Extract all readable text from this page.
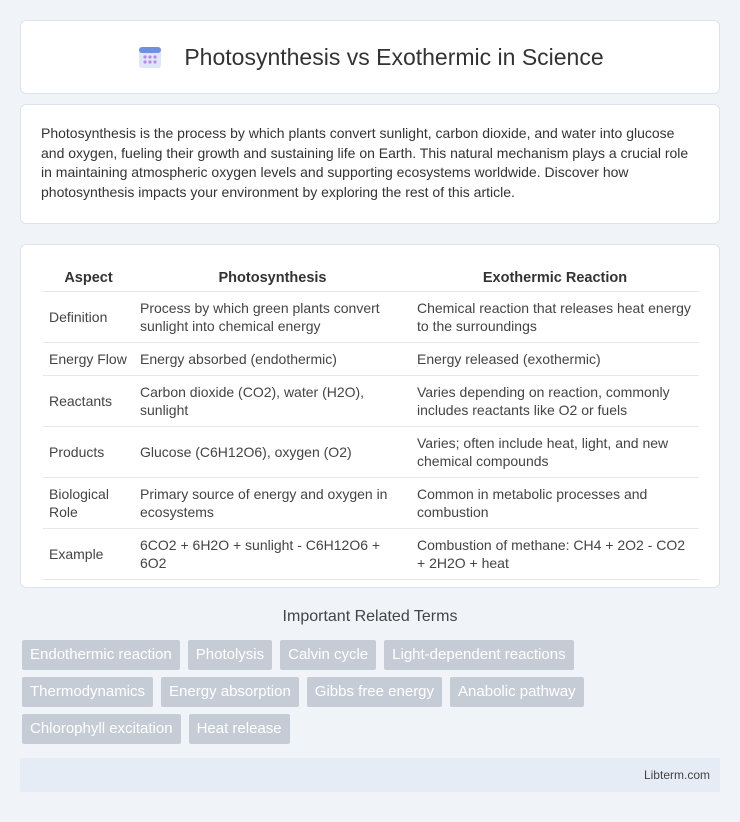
Photosynthesis vs Exothermic in Science

Photosynthesis is the process by which plants convert sunlight, carbon dioxide, and water into glucose and oxygen, fueling their growth and sustaining life on Earth. This natural mechanism plays a crucial role in maintaining atmospheric oxygen levels and supporting ecosystems worldwide. Discover how photosynthesis impacts your environment by exploring the rest of this article.

Aspect	Photosynthesis	Exothermic Reaction
Definition	Process by which green plants convert sunlight into chemical energy	Chemical reaction that releases heat energy to the surroundings
Energy Flow	Energy absorbed (endothermic)	Energy released (exothermic)
Reactants	Carbon dioxide (CO2), water (H2O), sunlight	Varies depending on reaction, commonly includes reactants like O2 or fuels
Products	Glucose (C6H12O6), oxygen (O2)	Varies; often include heat, light, and new chemical compounds
Biological Role	Primary source of energy and oxygen in ecosystems	Common in metabolic processes and combustion
Example	6CO2 + 6H2O + sunlight - C6H12O6 + 6O2	Combustion of methane: CH4 + 2O2 - CO2 + 2H2O + heat
Important Related Terms
Endothermic reaction	Photolysis	Calvin cycle	Light-dependent reactions
Thermodynamics	Energy absorption	Gibbs free energy	Anabolic pathway
Chlorophyll excitation	Heat release
Libterm.com
